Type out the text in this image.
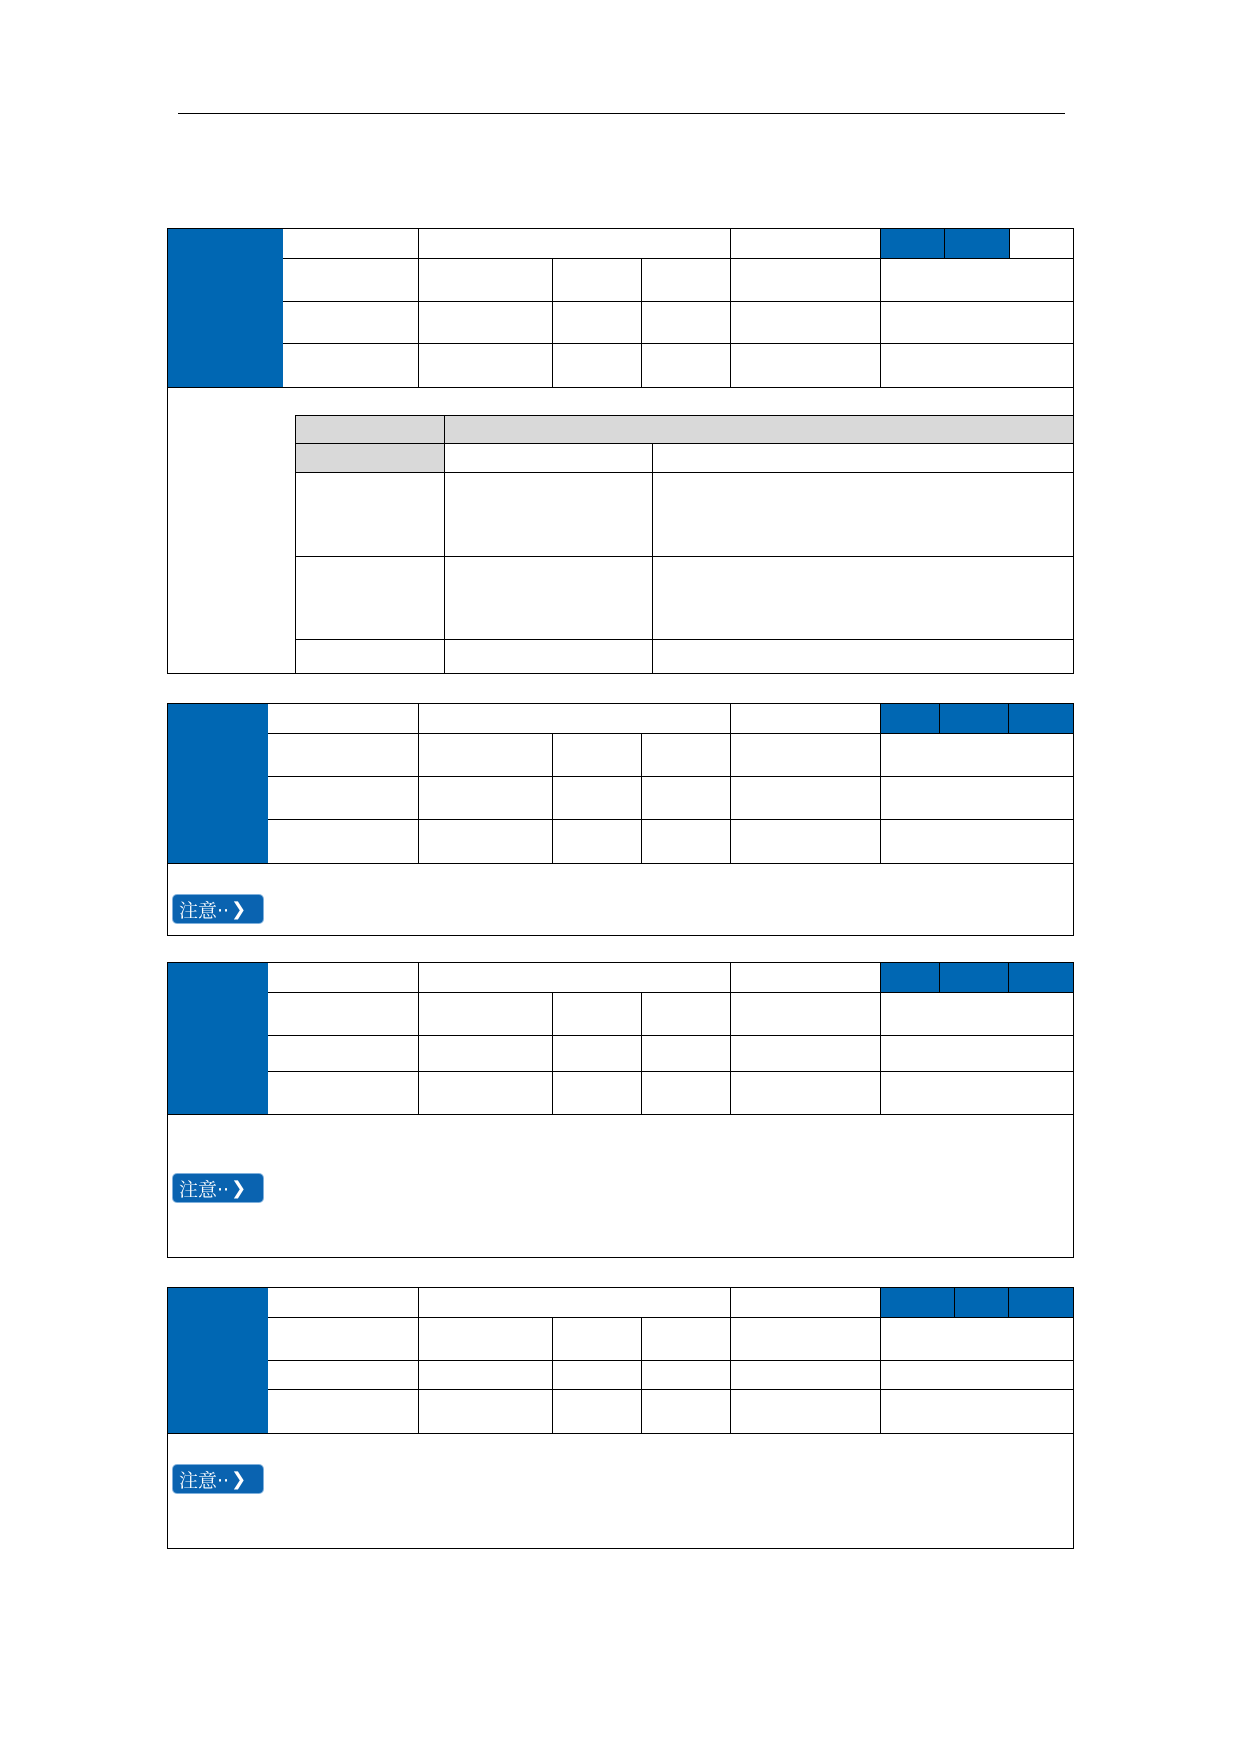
注意·· ❯
注意·· ❯
注意·· ❯
